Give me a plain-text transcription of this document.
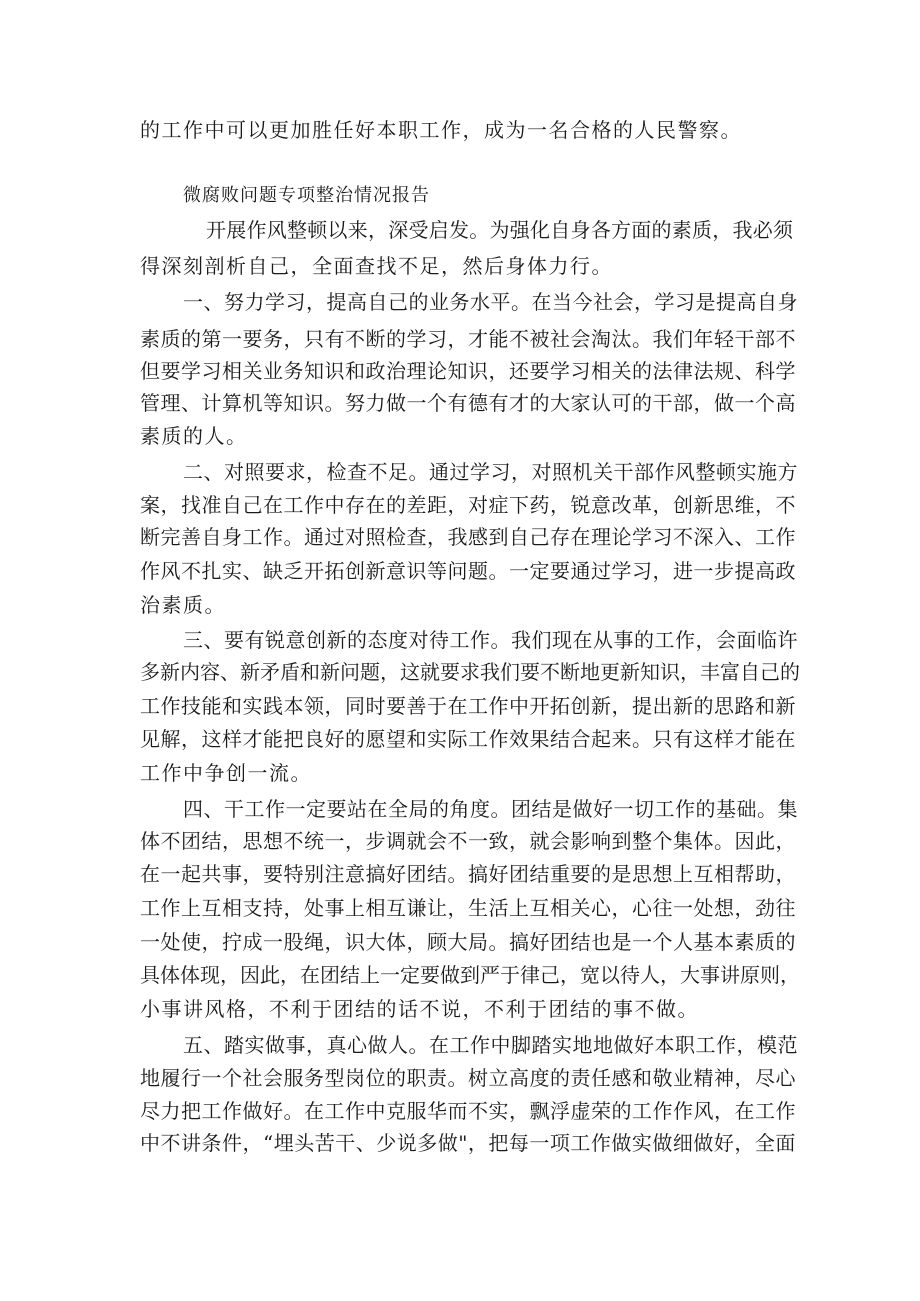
的工作中可以更加胜任好本职工作，成为一名合格的人民警察。
微腐败问题专项整治情况报告
开展作风整顿以来，深受启发。为强化自身各方面的素质，我必须
得深刻剖析自己，全面查找不足，然后身体力行。
一、努力学习，提高自己的业务水平。在当今社会，学习是提高自身
素质的第一要务，只有不断的学习，才能不被社会淘汰。我们年轻干部不
但要学习相关业务知识和政治理论知识，还要学习相关的法律法规、科学
管理、计算机等知识。努力做一个有德有才的大家认可的干部，做一个高
素质的人。
二、对照要求，检查不足。通过学习，对照机关干部作风整顿实施方
案，找准自己在工作中存在的差距，对症下药，锐意改革，创新思维，不
断完善自身工作。通过对照检查，我感到自己存在理论学习不深入、工作
作风不扎实、缺乏开拓创新意识等问题。一定要通过学习，进一步提高政
治素质。
三、要有锐意创新的态度对待工作。我们现在从事的工作，会面临许
多新内容、新矛盾和新问题，这就要求我们要不断地更新知识，丰富自己的
工作技能和实践本领，同时要善于在工作中开拓创新，提出新的思路和新
见解，这样才能把良好的愿望和实际工作效果结合起来。只有这样才能在
工作中争创一流。
四、干工作一定要站在全局的角度。团结是做好一切工作的基础。集
体不团结，思想不统一，步调就会不一致，就会影响到整个集体。因此，
在一起共事，要特别注意搞好团结。搞好团结重要的是思想上互相帮助，
工作上互相支持，处事上相互谦让，生活上互相关心，心往一处想，劲往
一处使，拧成一股绳，识大体，顾大局。搞好团结也是一个人基本素质的
具体体现，因此，在团结上一定要做到严于律己，宽以待人，大事讲原则，
小事讲风格，不利于团结的话不说，不利于团结的事不做。
五、踏实做事，真心做人。在工作中脚踏实地地做好本职工作，模范
地履行一个社会服务型岗位的职责。树立高度的责任感和敬业精神，尽心
尽力把工作做好。在工作中克服华而不实，飘浮虚荣的工作作风，在工作
中不讲条件，“埋头苦干、少说多做"，把每一项工作做实做细做好，全面
